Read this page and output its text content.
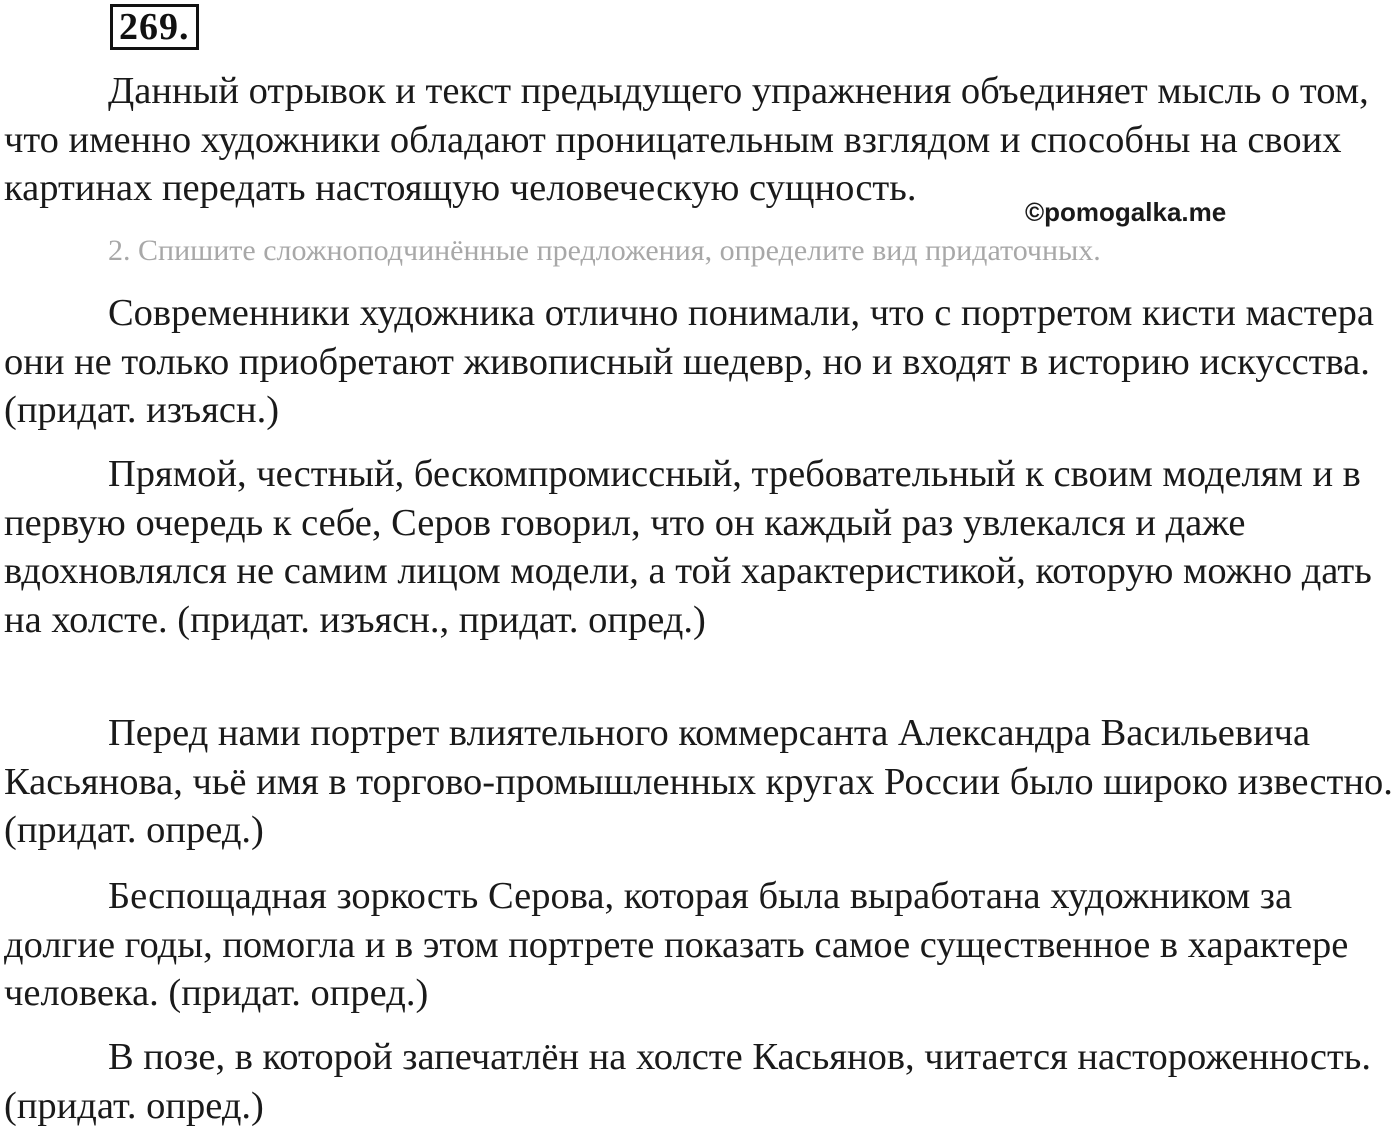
269.

Данный отрывок и текст предыдущего упражнения объединяет мысль о том, что именно художники обладают проницательным взглядом и способны на своих картинах передать настоящую человеческую сущность.

©pomogalka.me

2. Спишите сложноподчинённые предложения, определите вид придаточных.

Современники художника отлично понимали, что с портретом кисти мастера они не только приобретают живописный шедевр, но и входят в историю искусства. (придат. изъясн.)

Прямой, честный, бескомпромиссный, требовательный к своим моделям и в первую очередь к себе, Серов говорил, что он каждый раз увлекался и даже вдохновлялся не самим лицом модели, а той характеристикой, которую можно дать на холсте. (придат. изъясн., придат. опред.)

Перед нами портрет влиятельного коммерсанта Александра Васильевича Касьянова, чьё имя в торгово-промышленных кругах России было широко известно. (придат. опред.)

Беспощадная зоркость Серова, которая была выработана художником за долгие годы, помогла и в этом портрете показать самое существенное в характере человека. (придат. опред.)

В позе, в которой запечатлён на холсте Касьянов, читается настороженность. (придат. опред.)
